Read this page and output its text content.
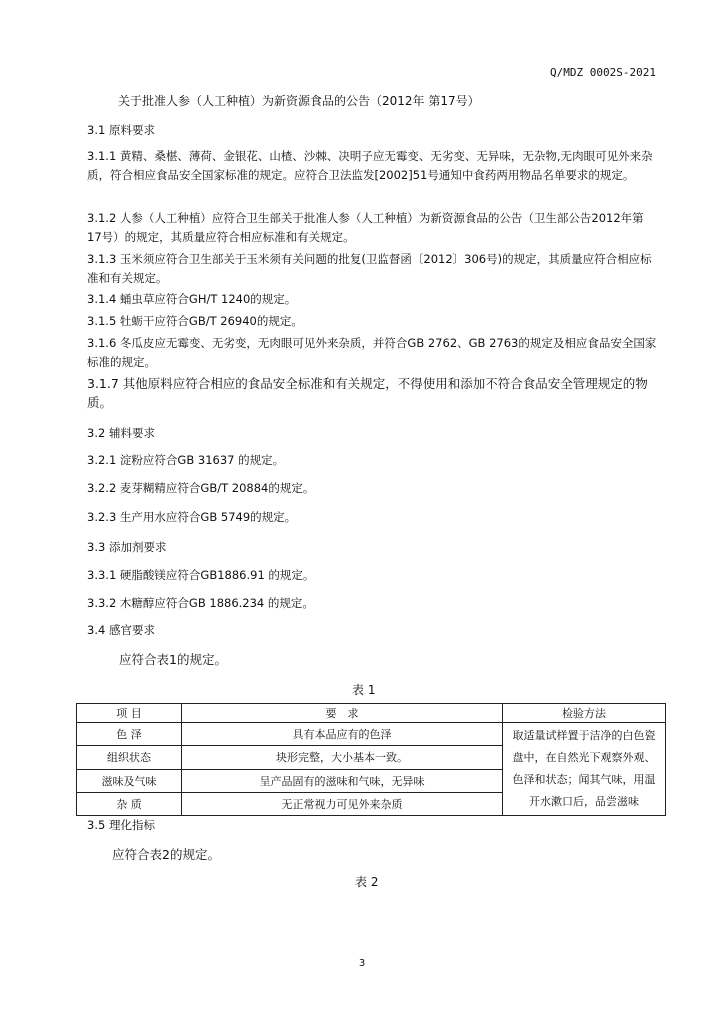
Q/MDZ 0002S-2021
关于批准人参（人工种植）为新资源食品的公告（2012年 第17号）
3.1 原料要求
3.1.1 黄精、桑椹、薄荷、金银花、山楂、沙棘、决明子应无霉变、无劣变、无异味，无杂物,无肉眼可见外来杂质，符合相应食品安全国家标准的规定。应符合卫法监发[2002]51号通知中食药两用物品名单要求的规定。
3.1.2 人参（人工种植）应符合卫生部关于批准人参（人工种植）为新资源食品的公告（卫生部公告2012年第 17号）的规定，其质量应符合相应标准和有关规定。
3.1.3 玉米须应符合卫生部关于玉米须有关问题的批复(卫监督函〔2012〕306号)的规定，其质量应符合相应标准和有关规定。
3.1.4 蛹虫草应符合GH/T 1240的规定。
3.1.5 牡蛎干应符合GB/T 26940的规定。
3.1.6 冬瓜皮应无霉变、无劣变，无肉眼可见外来杂质，并符合GB 2762、GB 2763的规定及相应食品安全国家标准的规定。
3.1.7 其他原料应符合相应的食品安全标准和有关规定，不得使用和添加不符合食品安全管理规定的物质。
3.2 辅料要求
3.2.1 淀粉应符合GB 31637 的规定。
3.2.2 麦芽糊精应符合GB/T 20884的规定。
3.2.3 生产用水应符合GB 5749的规定。
3.3 添加剂要求
3.3.1 硬脂酸镁应符合GB1886.91 的规定。
3.3.2 木糖醇应符合GB 1886.234 的规定。
3.4 感官要求
应符合表1的规定。
表 1
项 目	要　求	检验方法
色 泽	具有本品应有的色泽	取适量试样置于洁净的白色瓷盘中，在自然光下观察外观、色泽和状态；闻其气味，用温开水漱口后，品尝滋味
组织状态	块形完整，大小基本一致。	
滋味及气味	呈产品固有的滋味和气味，无异味	
杂 质	无正常视力可见外来杂质	
3.5 理化指标
应符合表2的规定。
表 2
3
